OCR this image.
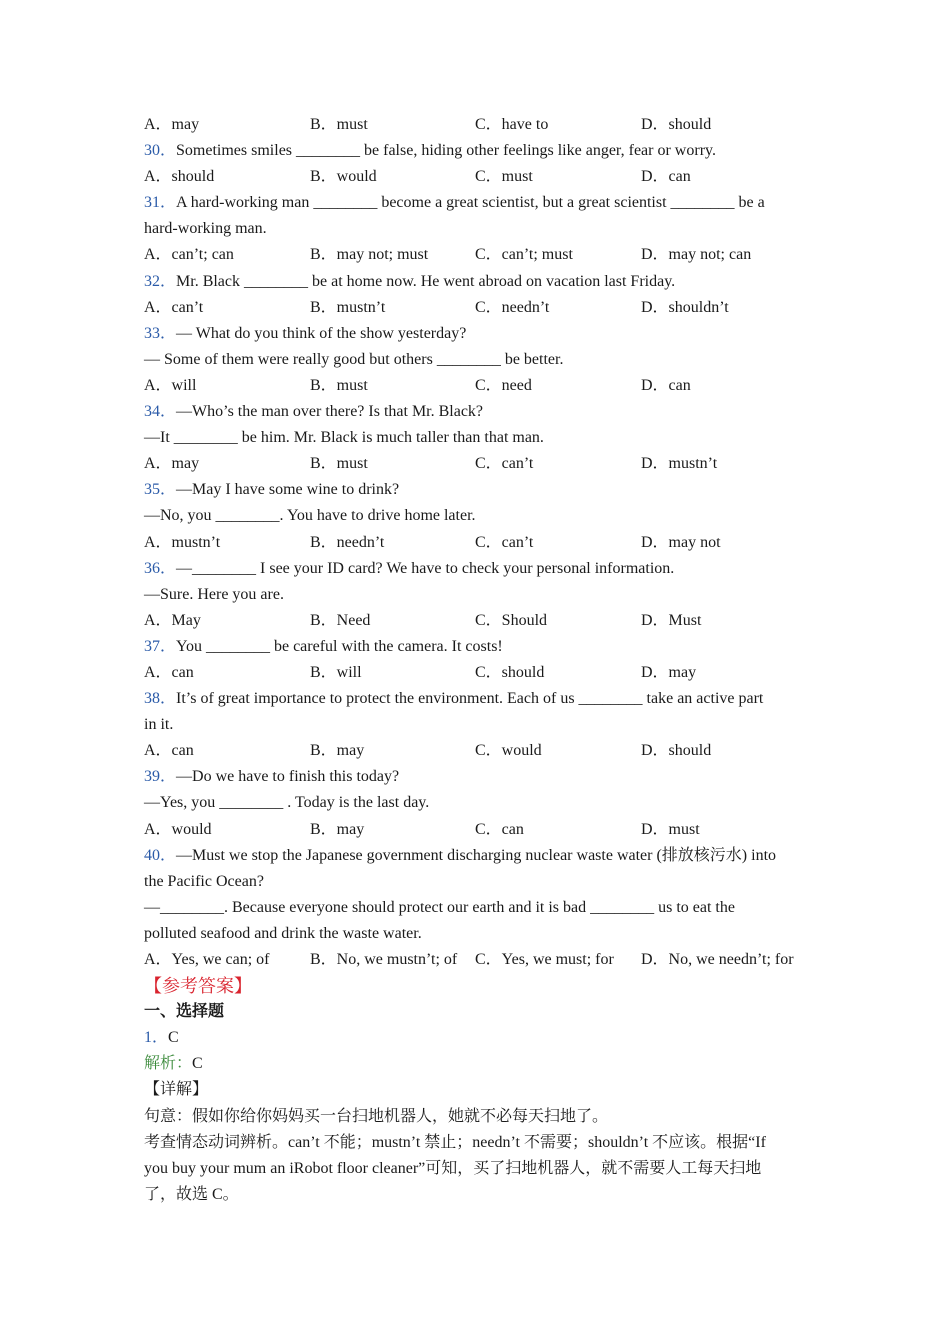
A．may	B．must	C．have to	D．should
30．Sometimes smiles ________ be false, hiding other feelings like anger, fear or worry.
A．should	B．would	C．must	D．can
31．A hard-working man ________ become a great scientist, but a great scientist ________ be a
hard-working man.
A．can’t; can	B．may not; must	C．can’t; must	D．may not; can
32．Mr. Black ________ be at home now. He went abroad on vacation last Friday.
A．can’t	B．mustn’t	C．needn’t	D．shouldn’t
33．— What do you think of the show yesterday?
— Some of them were really good but others ________ be better.
A．will	B．must	C．need	D．can
34．—Who’s the man over there? Is that Mr. Black?
—It ________ be him. Mr. Black is much taller than that man.
A．may	B．must	C．can’t	D．mustn’t
35．—May I have some wine to drink?
—No, you ________. You have to drive home later.
A．mustn’t	B．needn’t	C．can’t	D．may not
36．—________ I see your ID card? We have to check your personal information.
—Sure. Here you are.
A．May	B．Need	C．Should	D．Must
37．You ________ be careful with the camera. It costs!
A．can	B．will	C．should	D．may
38．It’s of great importance to protect the environment. Each of us ________ take an active part
in it.
A．can	B．may	C．would	D．should
39．—Do we have to finish this today?
—Yes, you ________ . Today is the last day.
A．would	B．may	C．can	D．must
40．—Must we stop the Japanese government discharging nuclear waste water (排放核污水) into
the Pacific Ocean?
—________. Because everyone should protect our earth and it is bad ________ us to eat the
polluted seafood and drink the waste water.
A．Yes, we can; of	B．No, we mustn’t; of C．Yes, we must; for D．No, we needn’t; for
【参考答案】
一、选择题
1．C
解析：C
【详解】
句意：假如你给你妈妈买一台扫地机器人，她就不必每天扫地了。
考查情态动词辨析。can’t 不能；mustn’t 禁止；needn’t 不需要；shouldn’t 不应该。根据“If
you buy your mum an iRobot floor cleaner”可知，买了扫地机器人，就不需要人工每天扫地
了，故选 C。
